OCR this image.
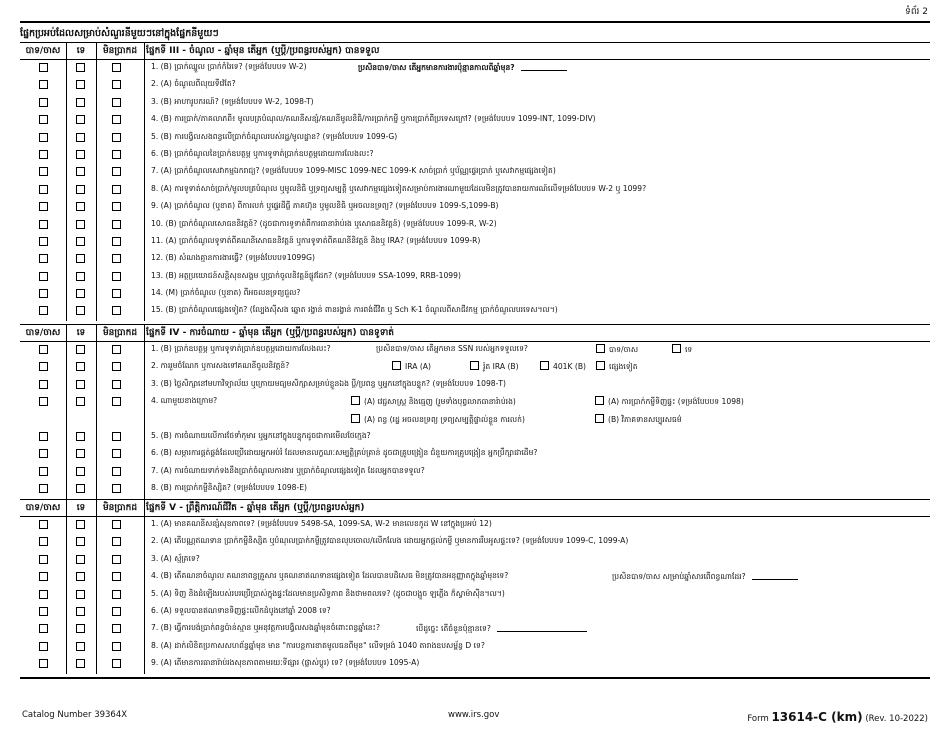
ទំព័រ 2
ផ្នែកប្រអប់ដែលសម្រាប់សំណួរនីមួយៗនៅក្នុងផ្នែកនីមួយៗ
បាទ/ចាស	ទេ	មិនប្រាកដ ផ្នែកទី III - ចំណូល - ឆ្នាំមុន តើអ្នក (ឬប្ដី/ប្រពន្ធរបស់អ្នក) បានទទួល
1. (B) ប្រាក់ឈ្នួល ប្រាក់កំរៃទេ? (ទម្រង់បែបបទ W-2)	ប្រសិនបាទ/ចាស តើអ្នកមានការងារប៉ុន្មានកាលពីឆ្នាំមុន?
2. (A) ចំណូលពីលុយទីវ៉េតែ?
3. (B) អាហារូបករណ៍? (ទម្រង់បែបបទ W-2, 1098-T)
4. (B) ការប្រាក់/ភាគលាភពី៖ មូលបត្របំណុល/គណនីសន្សំ/គណនីមូលនិធិ/ការប្រាក់កម្ចី ឬការប្រាក់ពីប្រទេសក្រៅ? (ទម្រង់បែបបទ 1099-INT, 1099-DIV)
5. (B) ការបង្វិលសងពន្ធលើប្រាក់ចំណូលរបស់រដ្ឋ/មូលដ្ឋាន? (ទម្រង់បែបបទ 1099-G)
6. (B) ប្រាក់ចំណូលនៃប្រាក់ឧបត្ថម្ភ ឬការទូទាត់ប្រាក់ឧបត្ថម្ភដោយការលែងលះ?
7. (A) ប្រាក់ចំណូលសេវាកម្មឯករាជ្យ? (ទម្រង់បែបបទ 1099-MISC 1099-NEC 1099-K សាច់ប្រាក់ ឬប័ណ្ណផ្ទេរប្រាក់ ឬសេវាកម្មផ្សេងទៀត)
8. (A) ការទូទាត់សាច់ប្រាក់/មូលបត្របំណុល ឬមូលនិធិ ឬទ្រព្យសម្បត្តិ ឬសេវាកម្មផ្សេងទៀតសម្រាប់ការងារណាមួយដែលមិនត្រូវបានរាយការណ៍លើទម្រង់បែបបទ W-2 ឬ 1099?
9. (A) ប្រាក់ចំណូល (ឬខាត) ពីការលក់ ឬផ្ទេរដីធ្លី ភាគហ៊ុន ឬមូលនិធិ ឬអចលនទ្រព្យ? (ទម្រង់បែបបទ 1099-S,1099-B)
10. (B) ប្រាក់ចំណូលសោធននិវត្តន៍? (ដូចជាការទូទាត់ពីការធានារ៉ាប់រង ឬសោធននិវត្តន៍) (ទម្រង់បែបបទ 1099-R, W-2)
11. (A) ប្រាក់ចំណូលទូទាត់ពីគណនីសោធននិវត្តន៍ ឬការទូទាត់ពីគណនីនិវត្តន៍ និងឬ IRA? (ទម្រង់បែបបទ 1099-R)
12. (B) សំណងគ្មានការងារធ្វើ? (ទម្រង់បែបបទ1099G)
13. (B) អត្ថប្រយោជន៍សន្តិសុខសង្គម ឬប្រាក់ចូលនិវត្តន៍ផ្លូវដែក? (ទម្រង់បែបបទ SSA-1099, RRB-1099)
14. (M) ប្រាក់ចំណូល (ឬខាត) ពីអចលនទ្រព្យជួល?
15. (B) ប្រាក់ចំណូលផ្សេងទៀត? (ល្បែងស៊ីសង ឆ្នោត រង្វាន់ ពានរង្វាន់ ការពង់ជីវិត ឬ Sch K-1 ចំណូលពីសាជីវកម្ម ប្រាក់ចំណូលបរទេស។ល។)
បាទ/ចាស	ទេ	មិនប្រាកដ ផ្នែកទី IV - ការចំណាយ - ឆ្នាំមុន តើអ្នក (ឬប្ដី/ប្រពន្ធរបស់អ្នក) បានទូទាត់
1. (B) ប្រាក់ឧបត្ថម្ភ ឬការទូទាត់ប្រាក់ឧបត្ថម្ភដោយការលែងលះ?	ប្រសិនបាទ/ចាស តើអ្នកមាន SSN របស់អ្នកទទួលទេ?	បាទ/ចាស	ទេ
2. ការរួមចំណែក ឬការសងទៅគណនីចូលនិវត្តន៍?	IRA (A)	រ៉ូត IRA (B)	401K (B)	ផ្សេងទៀត
3. (B) ថ្លៃសិក្សានៅមហាវិទ្យាល័យ ឬក្រោយមធ្យមសិក្សាសម្រាប់ខ្លួនឯង ប្ដី/ប្រពន្ធ ឬអ្នកនៅក្នុងបន្ទុក? (ទម្រង់បែបបទ 1098-T)
4. ណាមួយខាងក្រោម?	(A) វេជ្ជសាស្ត្រ និងធ្មេញ (រួមទាំងបុព្វលាភធានារ៉ាប់រង)	(A) ការប្រាក់កម្ចីទិញផ្ទះ (ទម្រង់បែបបទ 1098)
(A) ពន្ធ (រដ្ឋ អចលនទ្រព្យ ទ្រព្យសម្បត្តិផ្ទាល់ខ្លួន ការលក់)	(B) វិភាគទានសប្បុរសធម៌
5. (B) ការចំណាយលើការថែទាំកុមារ ឬអ្នកនៅក្នុងបន្ទុកដូចជាការមើលថែក្មេង?
6. (B) សម្ភារការផ្គត់ផ្គង់ដែលប្រើដោយអ្នកអប់រំ ដែលមានលក្ខណៈសម្បត្តិគ្រប់គ្រាន់ ដូចជាគ្រូបង្រៀន ជំនួយការគ្រូបង្រៀន អ្នកប្រឹក្សាជាដើម?
7. (A) ការចំណាយទាក់ទងនឹងប្រាក់ចំណូលការងារ ឬប្រាក់ចំណូលផ្សេងទៀត ដែលអ្នកបានទទួល?
8. (B) ការប្រាក់កម្ចីនិស្សិត? (ទម្រង់បែបបទ 1098-E)
បាទ/ចាស	ទេ	មិនប្រាកដ ផ្នែកទី V - ព្រឹត្តិការណ៍ជីវិត - ឆ្នាំមុន តើអ្នក (ឬប្ដី/ប្រពន្ធរបស់អ្នក)
1. (A) មានគណនីសន្សំសុខភាពទេ? (ទម្រង់បែបបទ 5498-SA, 1099-SA, W-2 មានលេខកូដ W នៅក្នុងប្រអប់ 12)
2. (A) តើបណ្ណឥណទាន ប្រាក់កម្ចីនិស្សិត ឬបំណុលប្រាក់កម្ចីត្រូវបានលុបចោល/លើកលែង ដោយអ្នកផ្ដល់កម្ចី ឬមានការរឹបអូសផ្ទះទេ? (ទម្រង់បែបបទ 1099-C, 1099-A)
3. (A) ស្ម័គ្រទេ?
4. (B) តើគណនាចំណូល គណនាពន្ធគ្រួសារ ឬគណនាឥណទានផ្សេងទៀត ដែលបានបដិសេធ មិនត្រូវបានអនុញ្ញាតក្នុងឆ្នាំមុនទេ?	ប្រសិនបាទ/ចាស សម្រាប់ឆ្នាំសារពើពន្ធណាដែរ?
5. (A) ទិញ និងដំឡើងរបស់របរប្រើប្រាស់ក្នុងផ្ទះដែលមានប្រសិទ្ធភាព និងថាមពលទេ? (ដូចជាបង្អួច ឡភ្លើង ក៏ស្វាម៉ាស៊ីន។ល។)
6. (A) ទទួលបានឥណទានទិញផ្ទះលើកដំបូងនៅឆ្នាំ 2008 ទេ?
7. (B) ធ្វើការបង់ប្រាក់ពន្ធប៉ាន់ស្មាន ឬអនុវត្តការបង្វិលសងឆ្នាំមុនចំពោះពន្ធឆ្នាំនេះ?	បើដូច្នេះ តើចំនួនប៉ុន្មានទេ?
8. (A) ដាក់លិខិតប្រកាសសហព័ន្ធឆ្នាំមុន មាន "ការបន្តការខាតមូលធនពីមុន" លើទម្រង់ 1040 តារាងឧបសម្ព័ន្ធ D ទេ?
9. (A) តើមានការធានារ៉ាប់រងសុខភាពតាមរយៈទីផ្សារ (ផ្លាស់ប្តូរ) ទេ? (ទម្រង់បែបបទ 1095-A)
Catalog Number 39364X	www.irs.gov	Form 13614-C (km) (Rev. 10-2022)
